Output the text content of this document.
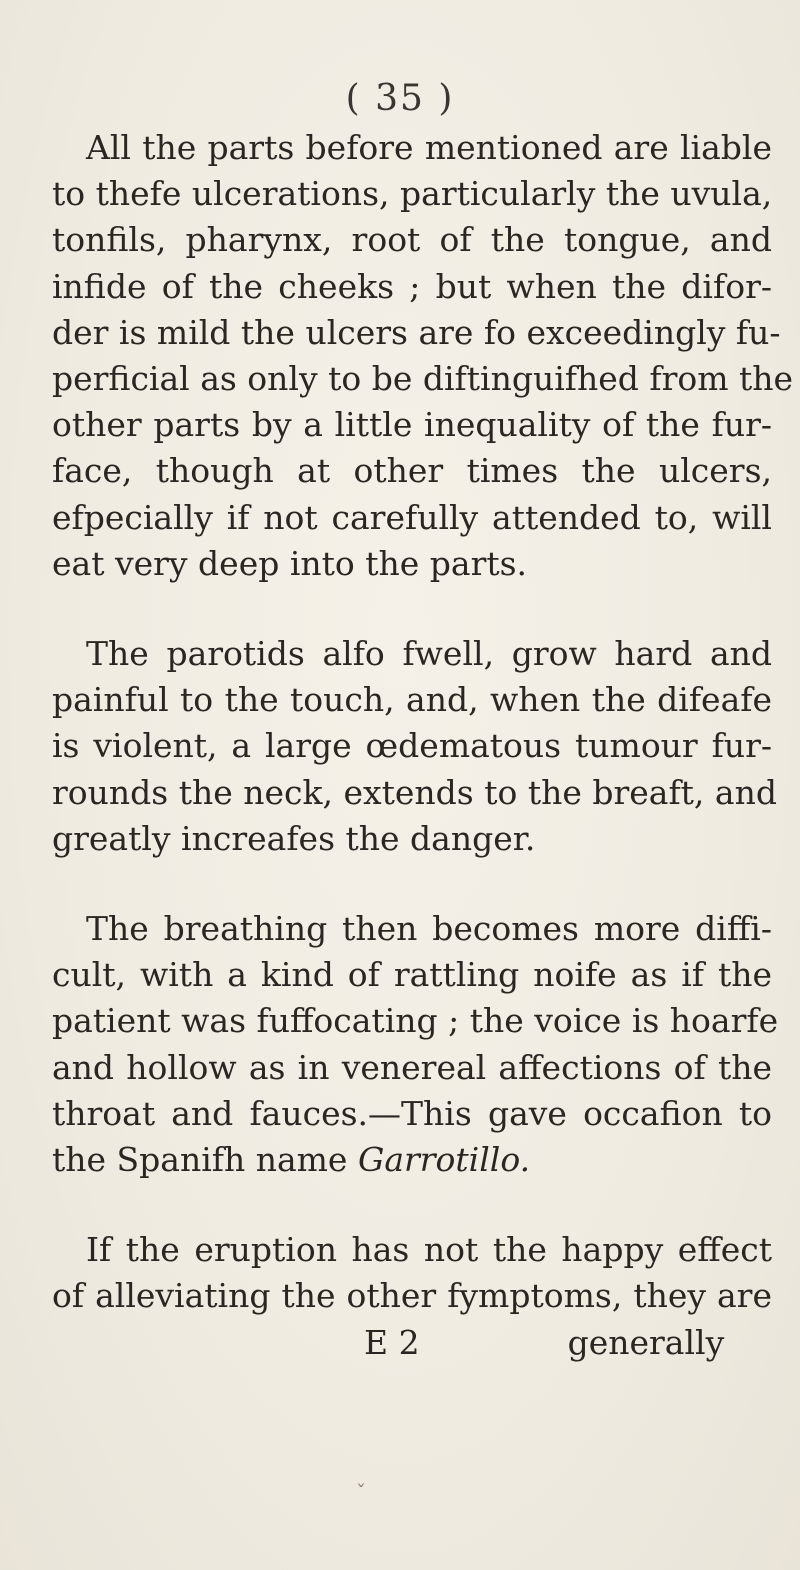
( 35 )
All the parts before mentioned are liable
to thefe ulcerations, particularly the uvula,
tonfils, pharynx, root of the tongue, and
infide of the cheeks ; but when the difor-
der is mild the ulcers are fo exceedingly fu-
perficial as only to be diftinguifhed from the
other parts by a little inequality of the fur-
face, though at other times the ulcers,
efpecially if not carefully attended to, will
eat very deep into the parts.
The parotids alfo fwell, grow hard and
painful to the touch, and, when the difeafe
is violent, a large œdematous tumour fur-
rounds the neck, extends to the breaft, and
greatly increafes the danger.
The breathing then becomes more diffi-
cult, with a kind of rattling noife as if the
patient was fuffocating ; the voice is hoarfe
and hollow as in venereal affections of the
throat and fauces.—This gave occafion to
the Spanifh name Garrotillo.
If the eruption has not the happy effect
of alleviating the other fymptoms, they are
E 2	generally
ˇ
